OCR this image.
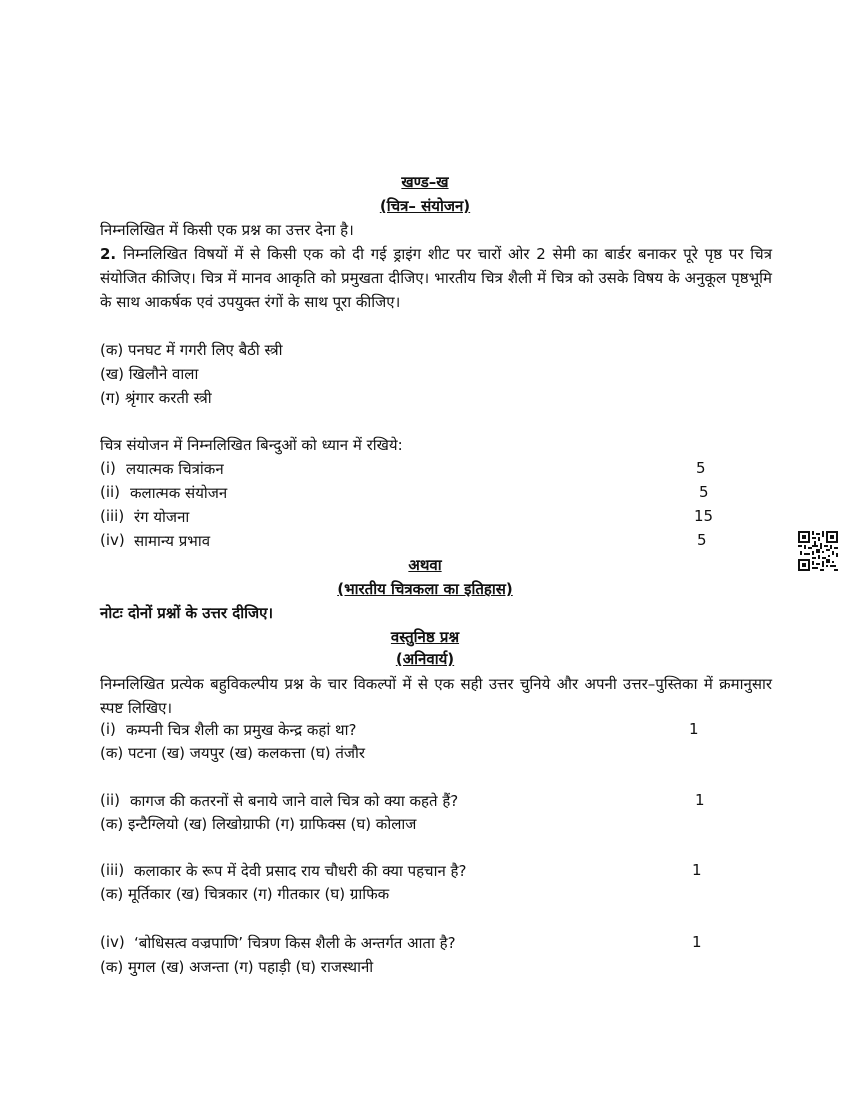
खण्ड–ख
(चित्र– संयोजन)
निम्नलिखित में किसी एक प्रश्न का उत्तर देना है।
2. निम्नलिखित विषयों में से किसी एक को दी गई ड्राइंग शीट पर चारों ओर 2 सेमी का बार्डर बनाकर पूरे पृष्ठ पर चित्र संयोजित कीजिए। चित्र में मानव आकृति को प्रमुखता दीजिए। भारतीय चित्र शैली में चित्र को उसके विषय के अनुकूल पृष्ठभूमि के साथ आकर्षक एवं उपयुक्त रंगों के साथ पूरा कीजिए।
(क) पनघट में गगरी लिए बैठी स्त्री
(ख) खिलौने वाला
(ग) श्रृंगार करती स्त्री
चित्र संयोजन में निम्नलिखित बिन्दुओं को ध्यान में रखिये:
(i) लयात्मक चित्रांकन	5
(ii) कलात्मक संयोजन	5
(iii) रंग योजना	15
(iv) सामान्य प्रभाव	5
अथवा
(भारतीय चित्रकला का इतिहास)
नोटः दोनों प्रश्नों के उत्तर दीजिए।
वस्तुनिष्ठ प्रश्न
(अनिवार्य)
निम्नलिखित प्रत्येक बहुविकल्पीय प्रश्न के चार विकल्पों में से एक सही उत्तर चुनिये और अपनी उत्तर–पुस्तिका में क्रमानुसार स्पष्ट लिखिए।
(i) कम्पनी चित्र शैली का प्रमुख केन्द्र कहां था?	1
(क) पटना (ख) जयपुर (ख) कलकत्ता (घ) तंजौर
(ii) कागज की कतरनों से बनाये जाने वाले चित्र को क्या कहते हैं?	1
(क) इन्टैग्लियो (ख) लिखोग्राफी (ग) ग्राफिक्स (घ) कोलाज
(iii) कलाकार के रूप में देवी प्रसाद राय चौधरी की क्या पहचान है?	1
(क) मूर्तिकार (ख) चित्रकार (ग) गीतकार (घ) ग्राफिक
(iv) ‘बोधिसत्व वज्रपाणि’ चित्रण किस शैली के अन्तर्गत आता है?	1
(क) मुगल (ख) अजन्ता (ग) पहाड़ी (घ) राजस्थानी
